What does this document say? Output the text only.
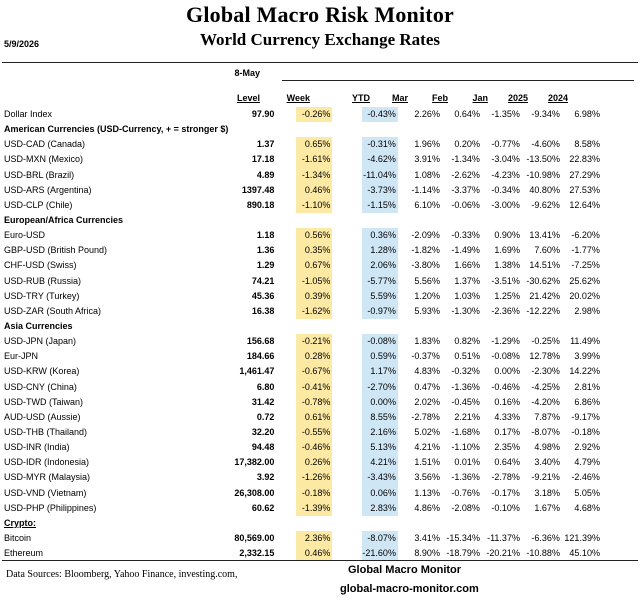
Global Macro Risk Monitor
World Currency Exchange Rates
5/9/2026
8-May
Level	Week	YTD	Mar	Feb	Jan	2025	2024
Dollar Index	97.90		-0.26%		-0.43%		2.26%	0.64%	-1.35%	-9.34%	6.98%
American Currencies (USD-Currency, + = stronger $)											
USD-CAD (Canada)	1.37		0.65%		-0.31%		1.96%	0.20%	-0.77%	-4.60%	8.58%
USD-MXN (Mexico)	17.18		-1.61%		-4.62%		3.91%	-1.34%	-3.04%	-13.50%	22.83%
USD-BRL (Brazil)	4.89		-1.34%		-11.04%		1.08%	-2.62%	-4.23%	-10.98%	27.29%
USD-ARS (Argentina)	1397.48		0.46%		-3.73%		-1.14%	-3.37%	-0.34%	40.80%	27.53%
USD-CLP (Chile)	890.18		-1.10%		-1.15%		6.10%	-0.06%	-3.00%	-9.62%	12.64%
European/Africa Currencies											
Euro-USD	1.18		0.56%		0.36%		-2.09%	-0.33%	0.90%	13.41%	-6.20%
GBP-USD (British Pound)	1.36		0.35%		1.28%		-1.82%	-1.49%	1.69%	7.60%	-1.77%
CHF-USD (Swiss)	1.29		0.67%		2.06%		-3.80%	1.66%	1.38%	14.51%	-7.25%
USD-RUB (Russia)	74.21		-1.05%		-5.77%		5.56%	1.37%	-3.51%	-30.62%	25.62%
USD-TRY (Turkey)	45.36		0.39%		5.59%		1.20%	1.03%	1.25%	21.42%	20.02%
USD-ZAR (South Africa)	16.38		-1.62%		-0.97%		5.93%	-1.30%	-2.36%	-12.22%	2.98%
Asia Currencies											
USD-JPN (Japan)	156.68		-0.21%		-0.08%		1.83%	0.82%	-1.29%	-0.25%	11.49%
Eur-JPN	184.66		0.28%		0.59%		-0.37%	0.51%	-0.08%	12.78%	3.99%
USD-KRW (Korea)	1,461.47		-0.67%		1.17%		4.83%	-0.32%	0.00%	-2.30%	14.22%
USD-CNY (China)	6.80		-0.41%		-2.70%		0.47%	-1.36%	-0.46%	-4.25%	2.81%
USD-TWD (Taiwan)	31.42		-0.78%		0.00%		2.02%	-0.45%	0.16%	-4.20%	6.86%
AUD-USD (Aussie)	0.72		0.61%		8.55%		-2.78%	2.21%	4.33%	7.87%	-9.17%
USD-THB (Thailand)	32.20		-0.55%		2.16%		5.02%	-1.68%	0.17%	-8.07%	-0.18%
USD-INR (India)	94.48		-0.46%		5.13%		4.21%	-1.10%	2.35%	4.98%	2.92%
USD-IDR (Indonesia)	17,382.00		0.26%		4.21%		1.51%	0.01%	0.64%	3.40%	4.79%
USD-MYR (Malaysia)	3.92		-1.26%		-3.43%		3.56%	-1.36%	-2.78%	-9.21%	-2.46%
USD-VND (Vietnam)	26,308.00		-0.18%		0.06%		1.13%	-0.76%	-0.17%	3.18%	5.05%
USD-PHP (Philippines)	60.62		-1.39%		2.83%		4.86%	-2.08%	-0.10%	1.67%	4.68%
Crypto:											
Bitcoin	80,569.00		2.36%		-8.07%		3.41%	-15.34%	-11.37%	-6.36%	121.39%
Ethereum	2,332.15		0.46%		-21.60%		8.90%	-18.79%	-20.21%	-10.88%	45.10%
Data Sources: Bloomberg, Yahoo Finance, investing.com,	Global Macro Monitor
global-macro-monitor.com
